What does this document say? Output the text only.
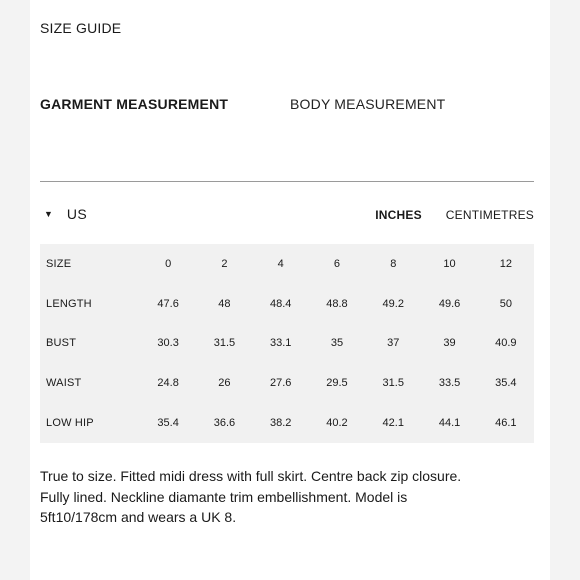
SIZE GUIDE
GARMENT MEASUREMENT	BODY MEASUREMENT
▼ US	INCHES CENTIMETRES
SIZE	0	2	4	6	8	10	12
LENGTH	47.6	48	48.4	48.8	49.2	49.6	50
BUST	30.3	31.5	33.1	35	37	39	40.9
WAIST	24.8	26	27.6	29.5	31.5	33.5	35.4
LOW HIP	35.4	36.6	38.2	40.2	42.1	44.1	46.1

True to size. Fitted midi dress with full skirt. Centre back zip closure. Fully lined. Neckline diamante trim embellishment. Model is 5ft10/178cm and wears a UK 8.
